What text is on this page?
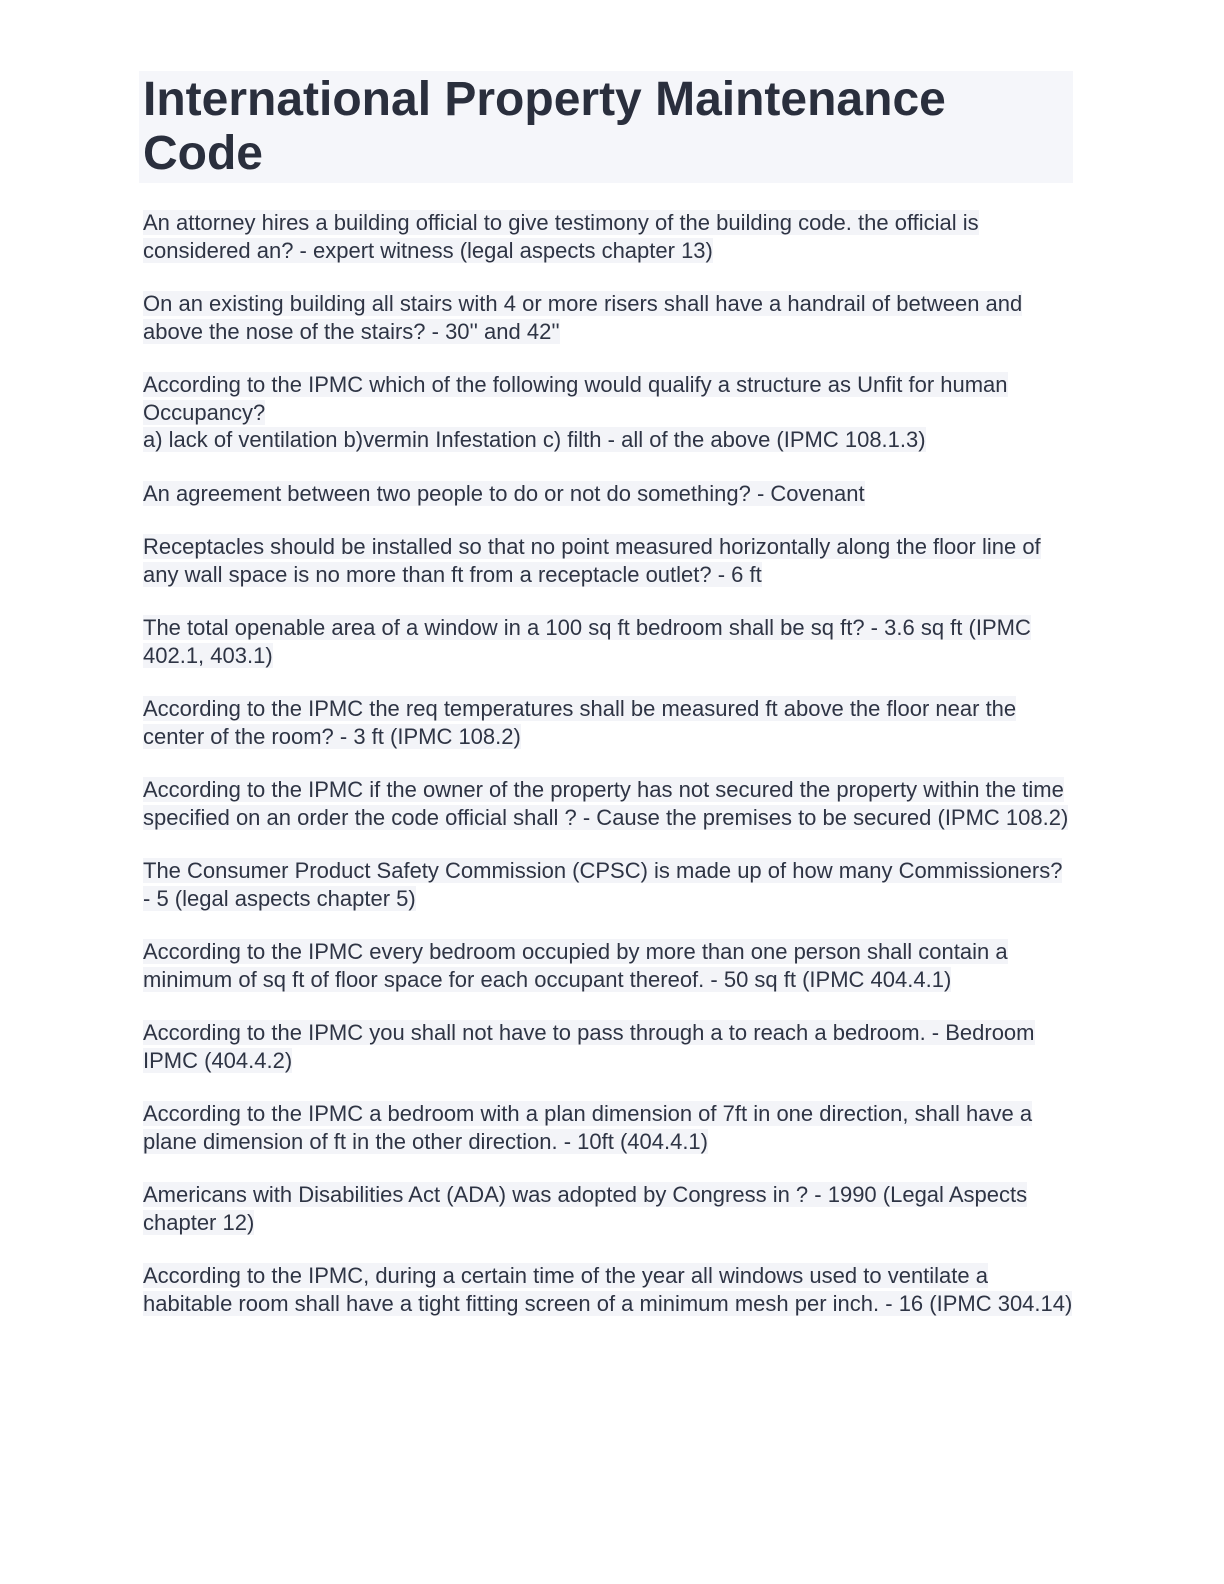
International Property Maintenance Code
An attorney hires a building official to give testimony of the building code. the official is considered an? - expert witness (legal aspects chapter 13)
On an existing building all stairs with 4 or more risers shall have a handrail of between and above the nose of the stairs? - 30'' and 42''
According to the IPMC which of the following would qualify a structure as Unfit for human Occupancy?
a) lack of ventilation b)vermin Infestation c) filth - all of the above (IPMC 108.1.3)
An agreement between two people to do or not do something? - Covenant
Receptacles should be installed so that no point measured horizontally along the floor line of any wall space is no more than ft from a receptacle outlet? - 6 ft
The total openable area of a window in a 100 sq ft bedroom shall be sq ft? - 3.6 sq ft (IPMC 402.1, 403.1)
According to the IPMC the req temperatures shall be measured ft above the floor near the center of the room? - 3 ft (IPMC 108.2)
According to the IPMC if the owner of the property has not secured the property within the time specified on an order the code official shall ? - Cause the premises to be secured (IPMC 108.2)
The Consumer Product Safety Commission (CPSC) is made up of how many Commissioners? - 5 (legal aspects chapter 5)
According to the IPMC every bedroom occupied by more than one person shall contain a minimum of sq ft of floor space for each occupant thereof. - 50 sq ft (IPMC 404.4.1)
According to the IPMC you shall not have to pass through a to reach a bedroom. - Bedroom IPMC (404.4.2)
According to the IPMC a bedroom with a plan dimension of 7ft in one direction, shall have a plane dimension of ft in the other direction. - 10ft (404.4.1)
Americans with Disabilities Act (ADA) was adopted by Congress in ? - 1990 (Legal Aspects chapter 12)
According to the IPMC, during a certain time of the year all windows used to ventilate a habitable room shall have a tight fitting screen of a minimum mesh per inch. - 16 (IPMC 304.14)
